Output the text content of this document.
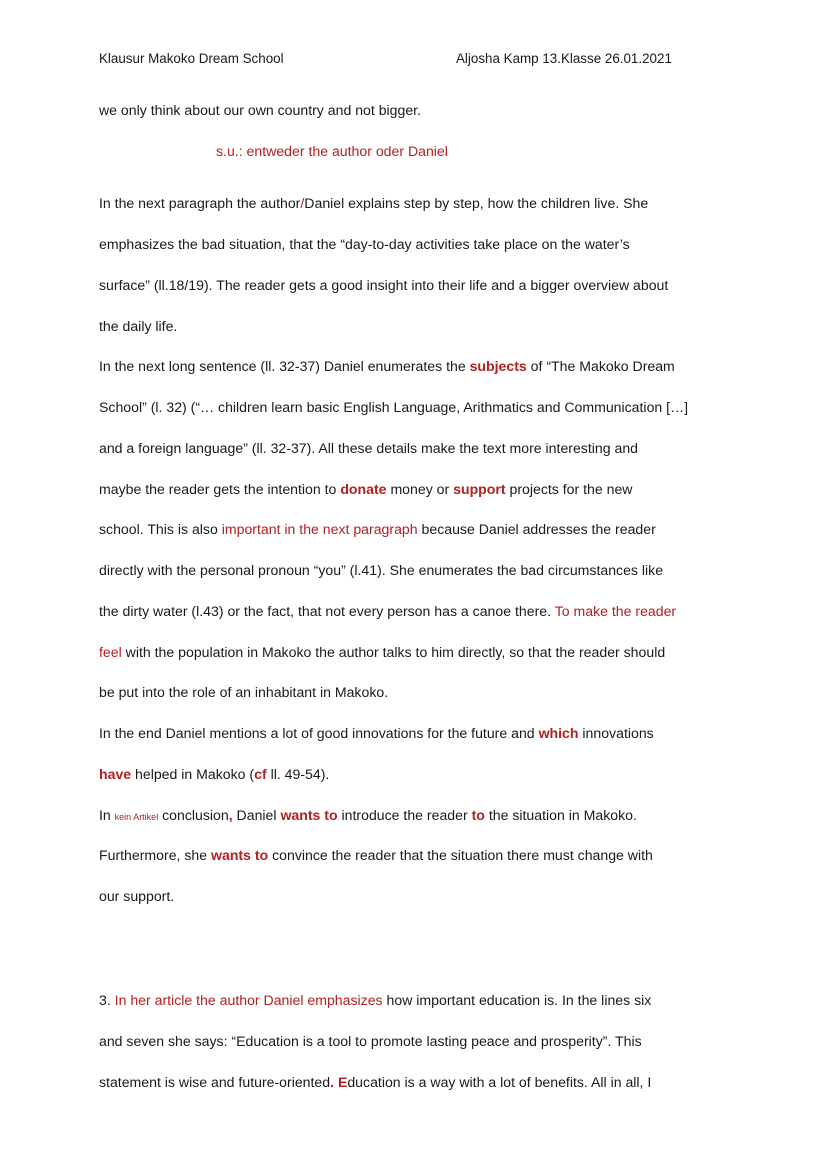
Klausur Makoko Dream School	Aljosha Kamp 13.Klasse 26.01.2021
we only think about our own country and not bigger.
s.u.: entweder the author oder Daniel
In the next paragraph the author/Daniel explains step by step, how the children live. She
emphasizes the bad situation, that the “day-to-day activities take place on the water’s
surface” (ll.18/19). The reader gets a good insight into their life and a bigger overview about
the daily life.
In the next long sentence (ll. 32-37) Daniel enumerates the subjects of “The Makoko Dream
School” (l. 32) (“… children learn basic English Language, Arithmatics and Communication […]
and a foreign language” (ll. 32-37). All these details make the text more interesting and
maybe the reader gets the intention to donate money or support projects for the new
school. This is also important in the next paragraph because Daniel addresses the reader
directly with the personal pronoun “you” (l.41). She enumerates the bad circumstances like
the dirty water (l.43) or the fact, that not every person has a canoe there. To make the reader
feel with the population in Makoko the author talks to him directly, so that the reader should
be put into the role of an inhabitant in Makoko.
In the end Daniel mentions a lot of good innovations for the future and which innovations
have helped in Makoko (cf ll. 49-54).
In kein Artikel conclusion, Daniel wants to introduce the reader to the situation in Makoko.
Furthermore, she wants to convince the reader that the situation there must change with
our support.
3. In her article the author Daniel emphasizes how important education is. In the lines six
and seven she says: “Education is a tool to promote lasting peace and prosperity”. This
statement is wise and future-oriented. Education is a way with a lot of benefits. All in all, I
